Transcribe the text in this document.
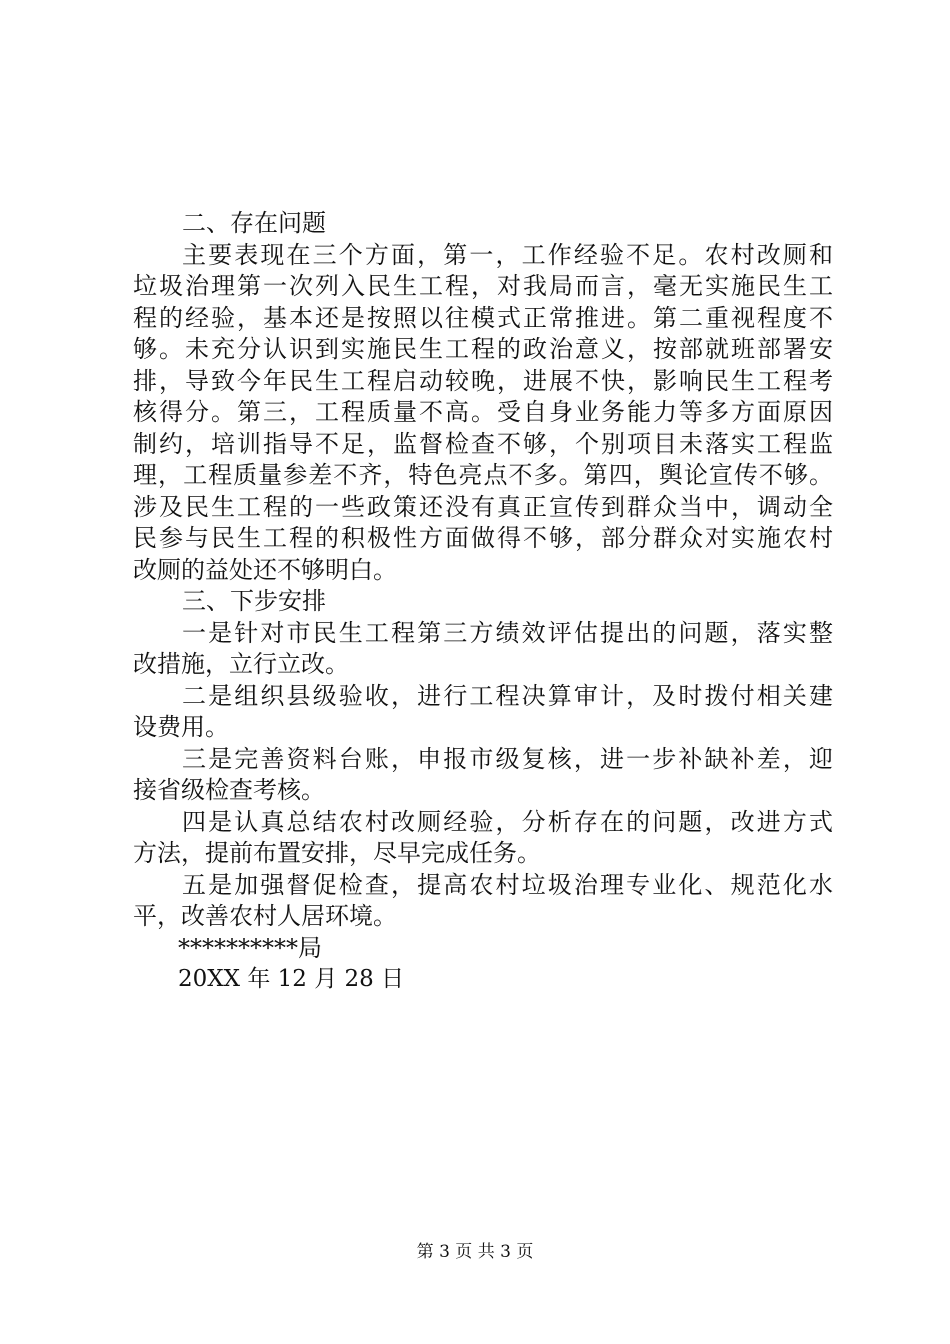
二、存在问题

主要表现在三个方面，第一，工作经验不足。农村改厕和

垃圾治理第一次列入民生工程，对我局而言，毫无实施民生工

程的经验，基本还是按照以往模式正常推进。第二重视程度不

够。未充分认识到实施民生工程的政治意义，按部就班部署安

排，导致今年民生工程启动较晚，进展不快，影响民生工程考

核得分。第三，工程质量不高。受自身业务能力等多方面原因

制约，培训指导不足，监督检查不够，个别项目未落实工程监

理，工程质量参差不齐，特色亮点不多。第四，舆论宣传不够。

涉及民生工程的一些政策还没有真正宣传到群众当中，调动全

民参与民生工程的积极性方面做得不够，部分群众对实施农村

改厕的益处还不够明白。

三、下步安排

一是针对市民生工程第三方绩效评估提出的问题，落实整

改措施，立行立改。

二是组织县级验收，进行工程决算审计，及时拨付相关建

设费用。

三是完善资料台账，申报市级复核，进一步补缺补差，迎

接省级检查考核。

四是认真总结农村改厕经验，分析存在的问题，改进方式

方法，提前布置安排，尽早完成任务。

五是加强督促检查，提高农村垃圾治理专业化、规范化水

平，改善农村人居环境。

**********局

20XX 年 12 月 28 日

第 3 页 共 3 页
